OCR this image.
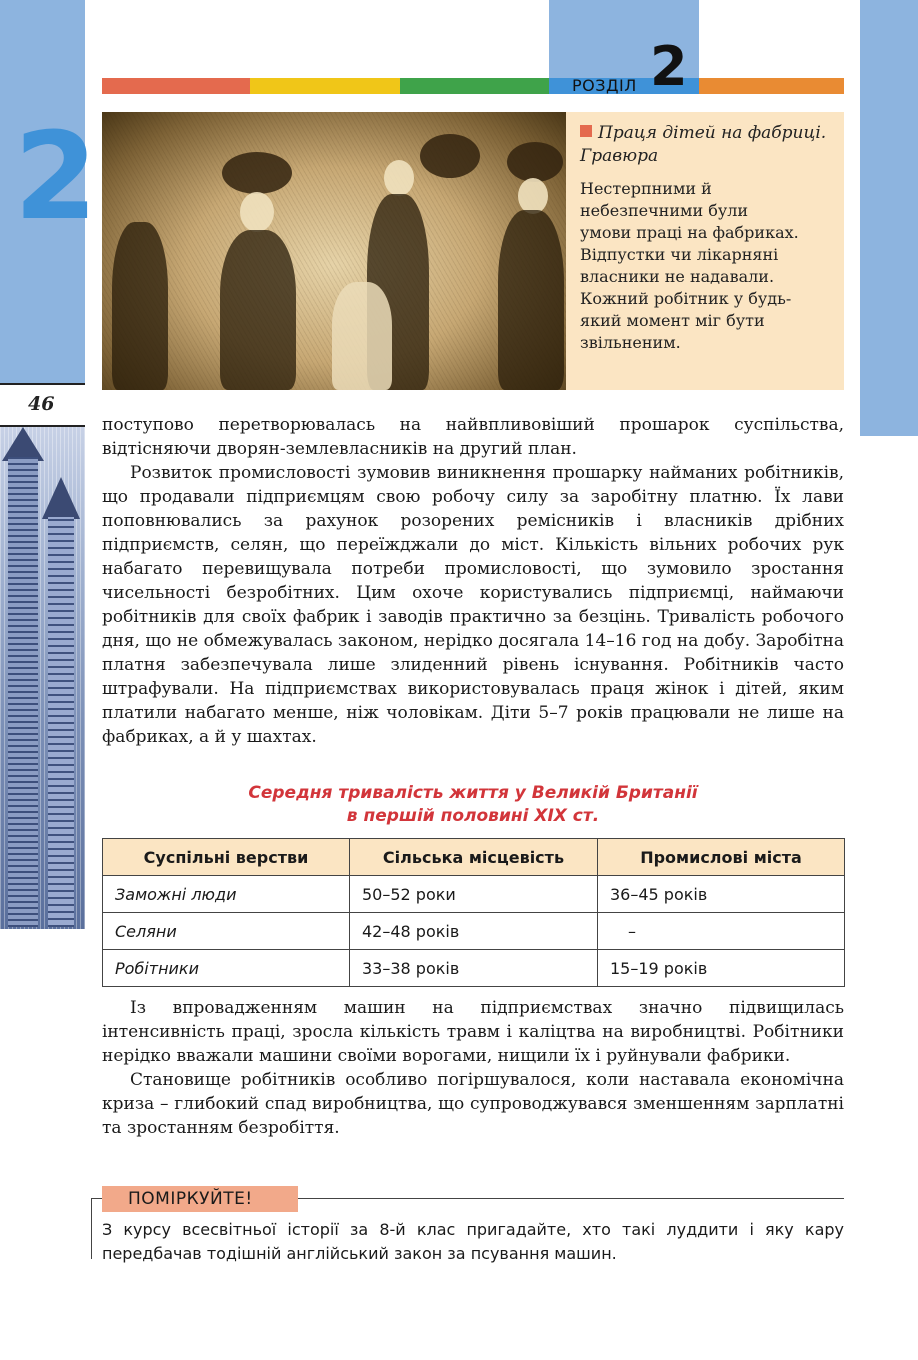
2
46
РОЗДІЛ 2
Праця дітей на фабриці. Гравюра
Нестерпними й небезпечними були умови праці на фабриках. Відпустки чи лікарняні власники не надавали. Кожний робітник у будь-який момент міг бути звільненим.

поступово перетворювалась на найвпливовіший прошарок суспільства, відтісняючи дворян-землевласників на другий план.

Розвиток промисловості зумовив виникнення прошарку найманих робітників, що продавали підприємцям свою робочу силу за заробітну платню. Їх лави поповнювались за рахунок розорених ремісників і власників дрібних підприємств, селян, що переїжджали до міст. Кількість вільних робочих рук набагато перевищувала потреби промисловості, що зумовило зростання чисельності безробітних. Цим охоче користувались підприємці, наймаючи робітників для своїх фабрик і заводів практично за безцінь. Тривалість робочого дня, що не обмежувалась законом, нерідко досягала 14–16 год на добу. Заробітна платня забезпечувала лише злиденний рівень існування. Робітників часто штрафували. На підприємствах використовувалась праця жінок і дітей, яким платили набагато менше, ніж чоловікам. Діти 5–7 років працювали не лише на фабриках, а й у шахтах.

Середня тривалість життя у Великій Британії
в першій половині XIX ст.
Суспільні верстви	Сільська місцевість	Промислові міста
Заможні люди	50–52 роки	36–45 років
Селяни	42–48 років	–
Робітники	33–38 років	15–19 років

Із впровадженням машин на підприємствах значно підвищилась інтенсивність праці, зросла кількість травм і каліцтва на виробництві. Робітники нерідко вважали машини своїми ворогами, нищили їх і руйнували фабрики.

Становище робітників особливо погіршувалося, коли наставала економічна криза – глибокий спад виробництва, що супроводжувався зменшенням зарплатні та зростанням безробіття.

ПОМІРКУЙТЕ!
З курсу всесвітньої історії за 8-й клас пригадайте, хто такі луддити і яку кару передбачав тодішній англійський закон за псування машин.
